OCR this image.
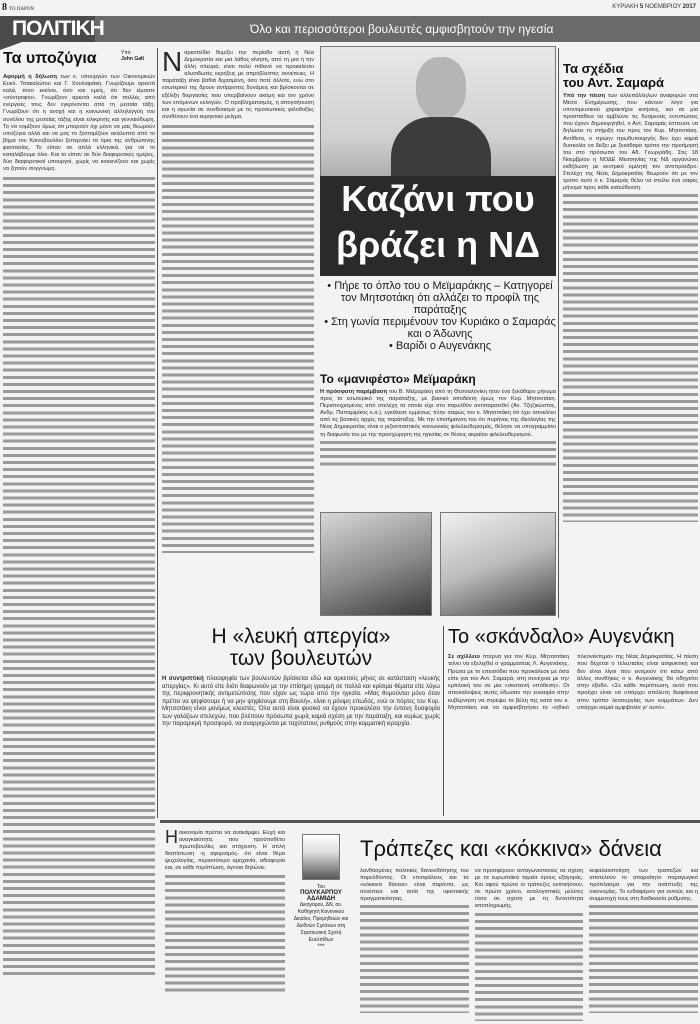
8 ΤΟ ΠΑΡΟΝ	ΚΥΡΙΑΚΗ 5 ΝΟΕΜΒΡΙΟΥ 2017
ΠΟΛΙΤΙΚΗ	Όλο και περισσότεροι βουλευτές αμφισβητούν την ηγεσία
Τα υποζύγια	Υπό
John Galt

Αφορμή η δήλωση των κ. υπουργών των Οικονομικών Ευκλ. Τσακαλώτου και Γ. Χουλιαράκη. Γνωρίζουμε αρκετά καλά, τόσο εκείνοι, όσο και εμείς, ότι δεν είμαστε «σύντροφοι». Γνωρίζουν αρκετά καλά ότι πολλές από ενέργειές τους δεν εγκρίνονται από τη μεσαία τάξη. Γνωρίζουν ότι η ανοχή και η κοινωνική αλληλεγγύη του συνόλου της μεσαίας τάξης είναι ειλικρινής και γενναιόδωρη. Το να νομίζουν όμως ότι μπορούν όχι μόνο να μας θεωρούν υποζύγια αλλά και να μας το ξεστομίζουν ακάλυπτα από το βήμα του Κοινοβουλίου ξεπερνάει τα όρια της ανθρώπινης φαντασίας. Το είπαν σε απλά ελληνικά, για να το καταλάβουμε όλοι. Και το είπαν σε δύο διαφορετικές ημέρες, δύο διαφορετικοί υπουργοί, χωρίς να κοκκινίζουν και χωρίς να ζητούν συγγνώμη.

Ναρκοπέδιο θυμίζει την περίοδο αυτή η Νέα Δημοκρατία και μια λάθος κίνηση, από τη μια ή την άλλη πλευρά, είναι πολύ πιθανό να προκαλέσει αλυσιδωτές εκρήξεις με απρόβλεπτες συνέπειες. Η παράταξη είναι βαθιά διχασμένη, όσο ποτέ άλλοτε, ενώ στο εσωτερικό της δρουν αντίρροπες δυνάμεις και βρίσκονται σε εξέλιξη διεργασίες που υπερβαίνουν ακόμη και τον χρόνο των επόμενων εκλογών. Ο προβληματισμός, η απογοήτευση και η αγωνία σε συνδυασμό με τις προσωπικές φιλοδοξίες συνθέτουν ένα εκρηκτικό μείγμα.

Καζάνι που
βράζει η ΝΔ
• Πήρε το όπλο του ο Μεϊμαράκης – Κατηγορεί τον Μητσοτάκη ότι αλλάζει το προφίλ της παράταξης
• Στη γωνία περιμένουν τον Κυριάκο ο Σαμαράς και ο Άδωνης
• Βαρίδι ο Αυγενάκης
Το «μανιφέστο» Μεϊμαράκη

Η πρόσφατη παρέμβαση του Β. Μεϊμαράκη από τη Θεσσαλονίκη ήταν ένα ξεκάθαρο μήνυμα προς το εσωτερικό της παράταξης, με βασικό αποδέκτη όμως τον Κυρ. Μητσοτάκη. Περιστοιχισμένος από στελέχη τα οποία είχε στο παρελθόν αντιπαρατεθεί (Αν. Τζηζικώστας, Ανδρ. Παπαμιμίκος κ.ά.), εγκάλεσε εμμέσως πλην σαφώς τον κ. Μητσοτάκη ότι έχει αποκλίνει από τις βασικές αρχές της παράταξης. Με την επισήμανση του ότι πυρήνας της ιδεολογίας της Νέας Δημοκρατίας είναι ο ριζοσπαστικός κοινωνικός φιλελευθερισμός, θέλησε να υπογραμμίσει τη διαφωνία του με την προσχώρηση της ηγεσίας σε θέσεις ακραίου φιλελευθερισμού.

Τα σχέδια
του Αντ. Σαμαρά

Υπό την πίεση των αλλεπάλληλων αναφορών στα Μέσα Ενημέρωσης, που κάνουν λόγο για υπονομευτικού χαρακτήρα κινήσεις, και σε μια προσπάθεια να αμβλύνει τις δυσμενείς εντυπώσεις που έχουν δημιουργηθεί, ο Αντ. Σαμαράς έσπευσε να δηλώσει τη στήριξή του προς τον Κυρ. Μητσοτάκη. Αντίθετα, ο πρώην πρωθυπουργός δεν έχει καμιά δυσκολία να δείξει με ξεκάθαρο τρόπο την προτίμησή του στο πρόσωπο του Αδ. Γεωργιάδη. Στις 18 Νοεμβρίου η ΝΟΔΕ Μεσσηνίας της ΝΔ οργανώνει εκδήλωση με κεντρικό ομιλητή τον αντιπρόεδρο. Στελέχη της Νέας Δημοκρατίας θεωρούν ότι με τον τρόπο αυτό ο κ. Σαμαράς θέλει να στείλει ένα σαφές μήνυμα προς κάθε κατεύθυνση.

Η «λευκή απεργία»
των βουλευτών

Η συντριπτική πλειοψηφία των βουλευτών βρίσκεται εδώ και αρκετούς μήνες σε κατάσταση «λευκής απεργίας». Κι αυτό είτε διότι διαφωνούν με την επίσημη γραμμή σε πολλά και κρίσιμα θέματα είτε λόγω της περιφρονητικής αντιμετώπισης που είχαν ως τώρα από την ηγεσία. «Μας θυμούνται μόνο όταν πρέπει να ψηφίσουμε ή να μην ψηφίσουμε στη Βουλή», είναι η μόνιμη επωδός, ενώ οι πόρτες του Κυρ. Μητσοτάκη είναι μονίμως κλειστές. Όλα αυτά είναι φυσικό να έχουν προκαλέσει την έντονη δυσφορία των γαλάζιων στελεχών, που βλέπουν πρόσωπα χωρίς καμιά σχέση με την παράταξη, και κυρίως χωρίς την παραμικρή προσφορά, να αναρριχώνται με ταχύτατους ρυθμούς στην κομματική ιεραρχία.

Το «σκάνδαλο» Αυγενάκη

Σε αχίλλειο πτέρνα για τον Κυρ. Μητσοτάκη τείνει να εξελιχθεί ο γραμματέας Λ. Αυγενάκης. Πρώτα με το επεισόδιο που προκάλεσε με όσα είπε για τον Αντ. Σαμαρά, στη συνέχεια με την εμπλοκή του σε μια «σκοτεινή υπόθεση». Οι αποκαλύψεις αυτές έδωσαν την ευκαιρία στην κυβέρνηση να στρέψει τα βέλη της κατά του κ. Μητσοτάκη και να αμφισβητήσει το «ηθικό πλεονέκτημα» της Νέας Δημοκρατίας. Η πίεση που δέχεται ο τελευταίος είναι ασφυκτική και δεν είναι λίγοι που εκτιμούν ότι κάτω από άλλες συνθήκες ο κ. Αυγενάκης θα οδηγείτο στην έξοδο. «Σε κάθε περίπτωση, αυτό που προέχει είναι να υπάρχει απόλυτη διαφάνεια στον τρόπο λειτουργίας των κομμάτων. Δεν υπάρχει καμιά αμφιβολία γι' αυτό».

Ηοικονομία πρέπει να ανακάμψει. Ευχή και αναγκαιότητα, που προϋποθέτει πρωτοβουλίες και στόχευση. Η απλή διαπίστωση -η αφορισμός- ότι είναι θέμα ψυχολογίας, περισσότερο αμηχανία, αδιαφορία και, σε κάθε περίπτωση, άγνοια δηλώνει.

Του
ΠΟΛΥΚΑΡΠΟΥ ΑΔΑΜΙΔΗ
Δικηγόρου, ΔΝ, αν. Καθηγητή Κανονικού Δικαίου, Προμηθειών και Διεθνών Σχέσεων στη Στρατιωτική Σχολή Ευελπίδων
***
Τράπεζες και «κόκκινα» δάνεια

λανθασμένες πολιτικές δανειοδότησης του παρελθόντος. Οι επισφάλειες και τα «κόκκινα δάνεια» είναι παρόντα, ως συνέπεια και αιτία της υφεσιακής πραγματικότητας.

να προσφέρουν ανταγωνιστικούς σε σχέση με τα ευρωπαϊκά ταμεία όρους εξαγοράς. Και αφού πρώτα οι τράπεζες εκποιήσουν, σε πρώτο χρόνο, αναλογιστικές μελέτες τόσο σε σχέση με τη δυνατότητα αποπληρωμής.

κεφαλαιοποίηση των τραπεζών και αποτελούν το απαραίτητο παραγωγικό πρόπλασμα για την ανάπτυξη της οικονομίας. Το ενδιαφέρον για αυτούς και η συμμετοχή τους στη διαδικασία ρύθμισης.
